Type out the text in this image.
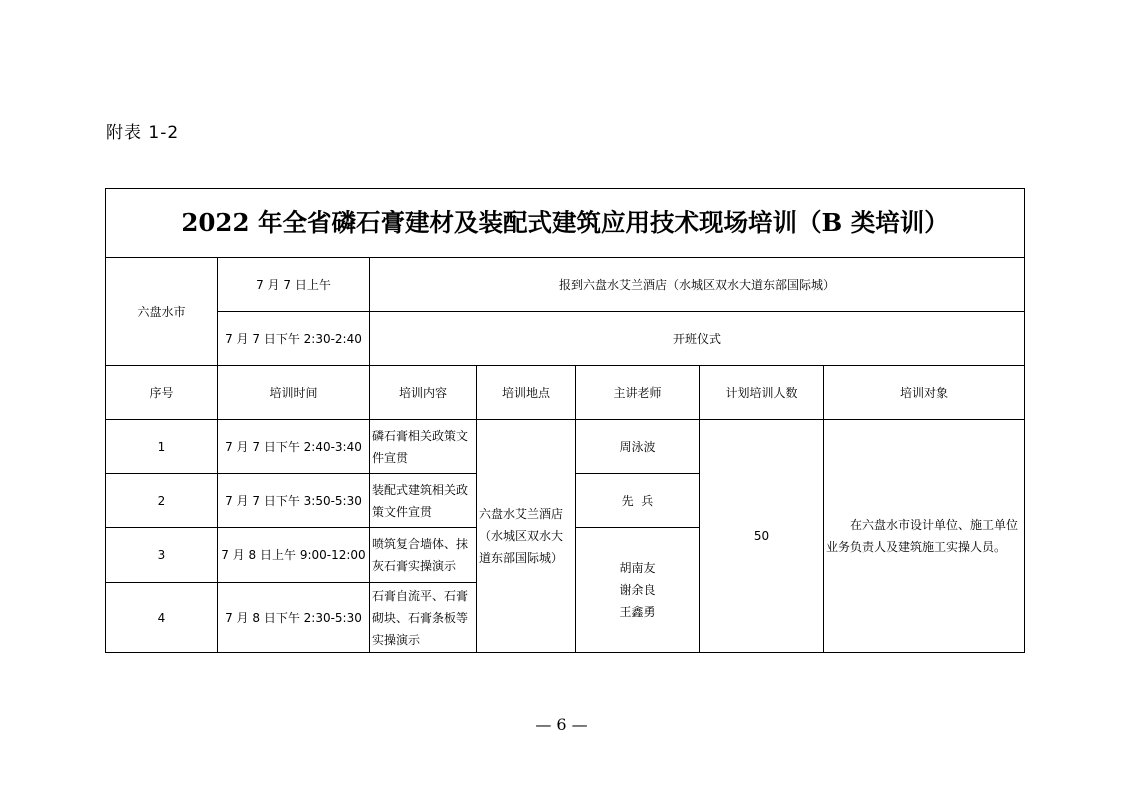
附表 1-2
2022 年全省磷石膏建材及装配式建筑应用技术现场培训（B 类培训）						
六盘水市	7 月 7 日上午	报到六盘水艾兰酒店（水城区双水大道东部国际城）				
	7 月 7 日下午 2:30-2:40	开班仪式				
序号	培训时间	培训内容	培训地点	主讲老师	计划培训人数	培训对象
1	7 月 7 日下午 2:40-3:40	磷石膏相关政策文件宣贯	六盘水艾兰酒店（水城区双水大道东部国际城）	周泳波	50	在六盘水市设计单位、施工单位业务负责人及建筑施工实操人员。

2	7 月 7 日下午 3:50-5:30	装配式建筑相关政策文件宣贯		先  兵		
3	7 月 8 日上午 9:00-12:00	喷筑复合墙体、抹灰石膏实操演示		胡南友
谢余良
王鑫勇		

4	7 月 8 日下午 2:30-5:30	石膏自流平、石膏砌块、石膏条板等实操演示				
— 6 —
